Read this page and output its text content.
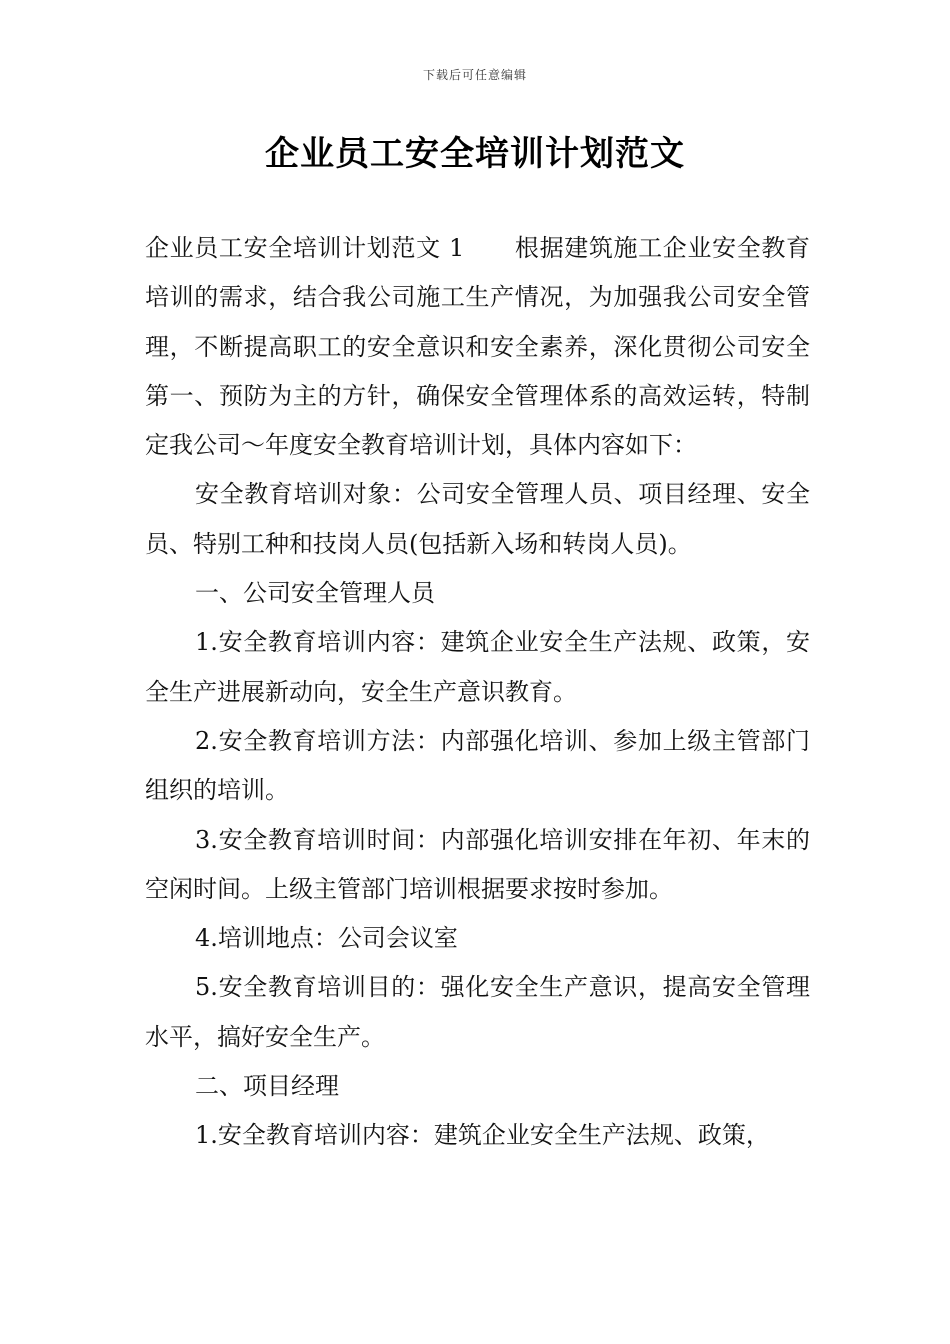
下载后可任意编辑
企业员工安全培训计划范文

企业员工安全培训计划范文 1 根据建筑施工企业安全教育培训的需求，结合我公司施工生产情况，为加强我公司安全管理，不断提高职工的安全意识和安全素养，深化贯彻公司安全第一、预防为主的方针，确保安全管理体系的高效运转，特制定我公司～年度安全教育培训计划，具体内容如下：

安全教育培训对象：公司安全管理人员、项目经理、安全员、特别工种和技岗人员(包括新入场和转岗人员)。

一、公司安全管理人员

1.安全教育培训内容：建筑企业安全生产法规、政策，安全生产进展新动向，安全生产意识教育。

2.安全教育培训方法：内部强化培训、参加上级主管部门组织的培训。

3.安全教育培训时间：内部强化培训安排在年初、年末的空闲时间。上级主管部门培训根据要求按时参加。

4.培训地点：公司会议室

5.安全教育培训目的：强化安全生产意识，提高安全管理水平，搞好安全生产。

二、项目经理

1.安全教育培训内容：建筑企业安全生产法规、政策，
